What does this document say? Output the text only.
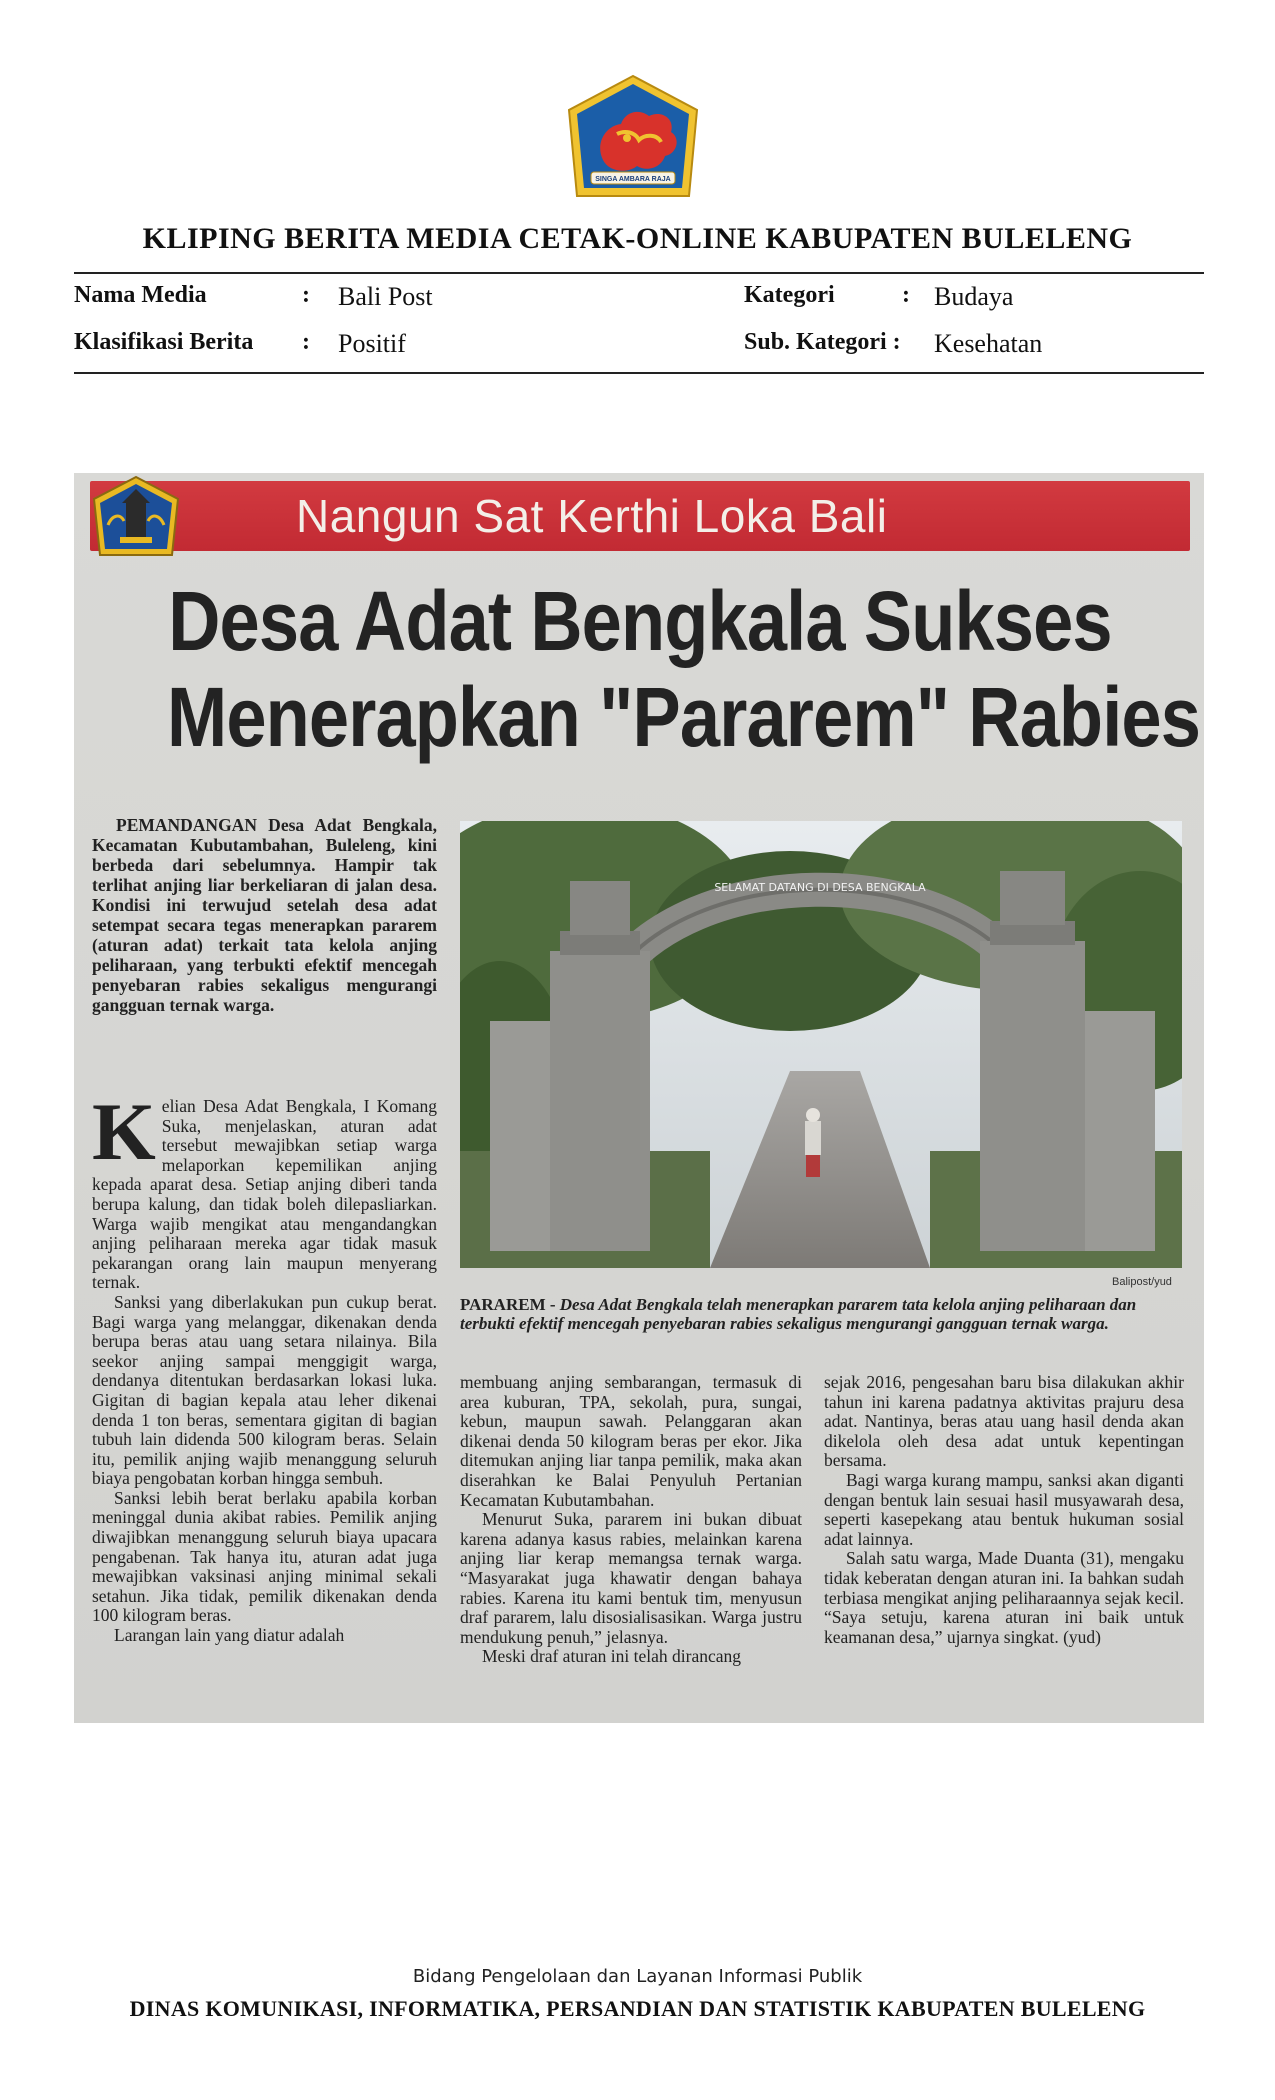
SINGA AMBARA RAJA
KLIPING BERITA MEDIA CETAK-ONLINE KABUPATEN BULELENG
Nama Media	: Bali Post	Kategori	: Budaya
Klasifikasi Berita : Positif	Sub. Kategori : Kesehatan
Nangun Sat Kerthi Loka Bali
Desa Adat Bengkala Sukses
Menerapkan "Pararem" Rabies
PEMANDANGAN Desa Adat Bengkala, Kecamatan Kubutambahan, Buleleng, kini berbeda dari sebelumnya. Hampir tak terlihat anjing liar berkeliaran di jalan desa. Kondisi ini terwujud setelah desa adat setempat secara tegas menerapkan pararem (aturan adat) terkait tata kelola anjing peliharaan, yang terbukti efektif mencegah penyebaran rabies sekaligus mengurangi gangguan ternak warga.
SELAMAT DATANG DI DESA BENGKALA
Balipost/yud
PARAREM - Desa Adat Bengkala telah menerapkan pararem tata kelola anjing peliharaan dan terbukti efektif mencegah penyebaran rabies sekaligus mengurangi gangguan ternak warga.
K elian Desa Adat Bengkala, I Komang Suka, menjelaskan, aturan adat tersebut mewajibkan setiap warga melaporkan kepemilikan anjing kepada aparat desa. Setiap anjing diberi tanda berupa kalung, dan tidak boleh dilepasliarkan. Warga wajib mengikat atau mengandangkan anjing peliharaan mereka agar tidak masuk pekarangan orang lain maupun menyerang ternak.

Sanksi yang diberlakukan pun cukup berat. Bagi warga yang melanggar, dikenakan denda berupa beras atau uang setara nilainya. Bila seekor anjing sampai menggigit warga, dendanya ditentukan berdasarkan lokasi luka. Gigitan di bagian kepala atau leher dikenai denda 1 ton beras, sementara gigitan di bagian tubuh lain didenda 500 kilogram beras. Selain itu, pemilik anjing wajib menanggung seluruh biaya pengobatan korban hingga sembuh.

Sanksi lebih berat berlaku apabila korban meninggal dunia akibat rabies. Pemilik anjing diwajibkan menanggung seluruh biaya upacara pengabenan. Tak hanya itu, aturan adat juga mewajibkan vaksinasi anjing minimal sekali setahun. Jika tidak, pemilik dikenakan denda 100 kilogram beras.

Larangan lain yang diatur adalah

membuang anjing sembarangan, termasuk di area kuburan, TPA, sekolah, pura, sungai, kebun, maupun sawah. Pelanggaran akan dikenai denda 50 kilogram beras per ekor. Jika ditemukan anjing liar tanpa pemilik, maka akan diserahkan ke Balai Penyuluh Pertanian Kecamatan Kubutambahan.

Menurut Suka, pararem ini bukan dibuat karena adanya kasus rabies, melainkan karena anjing liar kerap memangsa ternak warga. “Masyarakat juga khawatir dengan bahaya rabies. Karena itu kami bentuk tim, menyusun draf pararem, lalu disosialisasikan. Warga justru mendukung penuh,” jelasnya.

Meski draf aturan ini telah dirancang

sejak 2016, pengesahan baru bisa dilakukan akhir tahun ini karena padatnya aktivitas prajuru desa adat. Nantinya, beras atau uang hasil denda akan dikelola oleh desa adat untuk kepentingan bersama.

Bagi warga kurang mampu, sanksi akan diganti dengan bentuk lain sesuai hasil musyawarah desa, seperti kasepekang atau bentuk hukuman sosial adat lainnya.

Salah satu warga, Made Duanta (31), mengaku tidak keberatan dengan aturan ini. Ia bahkan sudah terbiasa mengikat anjing peliharaannya sejak kecil. “Saya setuju, karena aturan ini baik untuk keamanan desa,” ujarnya singkat. (yud)

Bidang Pengelolaan dan Layanan Informasi Publik
DINAS KOMUNIKASI, INFORMATIKA, PERSANDIAN DAN STATISTIK KABUPATEN BULELENG
